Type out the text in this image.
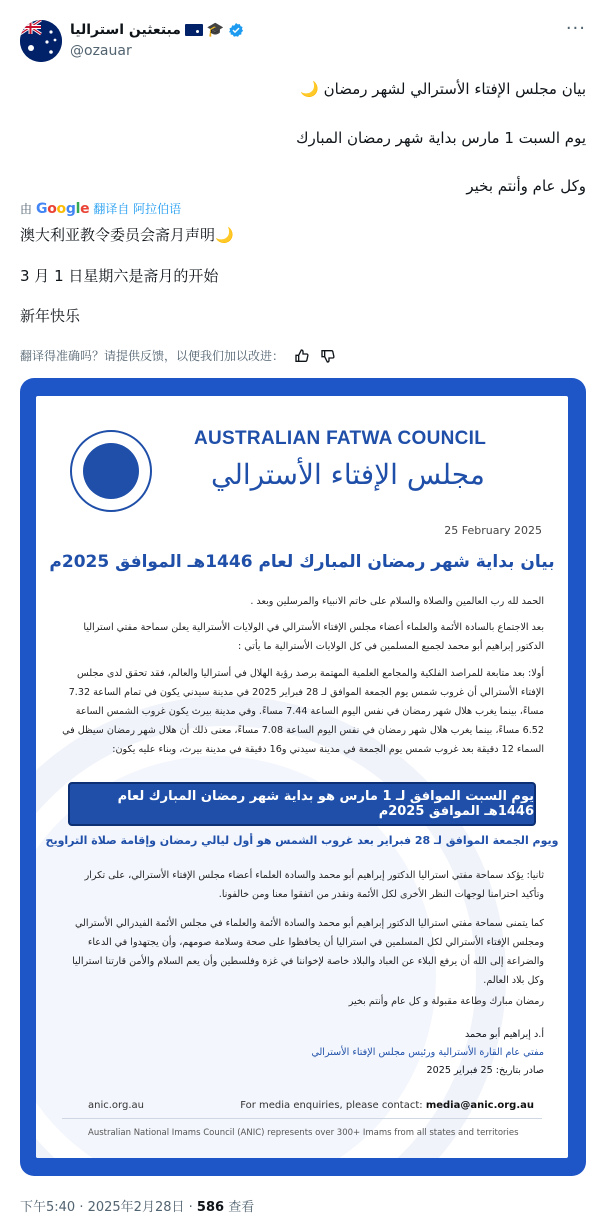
مبتعثين استراليا 🎓
@ozauar
···
بيان مجلس الإفتاء الأسترالي لشهر رمضان 🌙
يوم السبت 1 مارس بداية شهر رمضان المبارك
وكل عام وأنتم بخير
由 Google 翻译自 阿拉伯语
澳大利亚教令委员会斋月声明🌙
3 月 1 日星期六是斋月的开始
新年快乐
翻译得准确吗？请提供反馈，以便我们加以改进：
AUSTRALIAN FATWA COUNCIL
مجلس الإفتاء الأسترالي
25 February 2025
بيان بداية شهر رمضان المبارك لعام 1446هـ الموافق 2025م
الحمد لله رب العالمين والصلاة والسلام على خاتم الانبياء والمرسلين وبعد .
بعد الاجتماع بالسادة الأئمة والعلماء أعضاء مجلس الإفتاء الأسترالي في الولايات الأسترالية يعلن سماحة مفتي استراليا الدكتور إبراهيم أبو محمد لجميع المسلمين في كل الولايات الأسترالية ما يأتي :
أولا: بعد متابعة للمراصد الفلكية والمجامع العلمية المهتمة برصد رؤية الهلال في أستراليا والعالم، فقد تحقق لدى مجلس الإفتاء الأسترالي أن غروب شمس يوم الجمعة الموافق لـ 28 فبراير 2025 في مدينة سيدني يكون في تمام الساعة 7.32 مساءً، بينما يغرب هلال شهر رمضان في نفس اليوم الساعة 7.44 مساءً. وفي مدينة بيرث يكون غروب الشمس الساعة 6.52 مساءً، بينما يغرب هلال شهر رمضان في نفس اليوم الساعة 7.08 مساءً، معنى ذلك أن هلال شهر رمضان سيظل في السماء 12 دقيقة بعد غروب شمس يوم الجمعة في مدينة سيدني و16 دقيقة في مدينة بيرث، وبناء عليه يكون:
يوم السبت الموافق لـ 1 مارس هو بداية شهر رمضان المبارك لعام 1446هـ الموافق 2025م
ويوم الجمعة الموافق لـ 28 فبراير بعد غروب الشمس هو أول ليالي رمضان وإقامة صلاة التراويح
ثانيا: يؤكد سماحة مفتي استراليا الدكتور إبراهيم أبو محمد والسادة العلماء أعضاء مجلس الإفتاء الأسترالي، على تكرار وتأكيد احترامنا لوجهات النظر الأخرى لكل الأئمة ونقدر من اتفقوا معنا ومن خالفونا.
كما يتمنى سماحة مفتي استراليا الدكتور إبراهيم أبو محمد والسادة الأئمة والعلماء في مجلس الأئمة الفيدرالي الأسترالي ومجلس الإفتاء الأسترالي لكل المسلمين في استراليا أن يحافظوا على صحة وسلامة صومهم، وأن يجتهدوا في الدعاء والضراعة إلى الله أن يرفع البلاء عن العباد والبلاد خاصة لإخواننا في غزة وفلسطين وأن يعم السلام والأمن قارتنا استراليا وكل بلاد العالم.
رمضان مبارك وطاعة مقبولة و كل عام وأنتم بخير
أ.د إبراهيم أبو محمد
مفتي عام القارة الأسترالية ورئيس مجلس الإفتاء الأسترالي
صادر بتاريخ: 25 فبراير 2025
anic.org.au	For media enquiries, please contact: media@anic.org.au
Australian National Imams Council (ANIC) represents over 300+ Imams from all states and territories
下午5:40 · 2025年2月28日 · 586 查看
